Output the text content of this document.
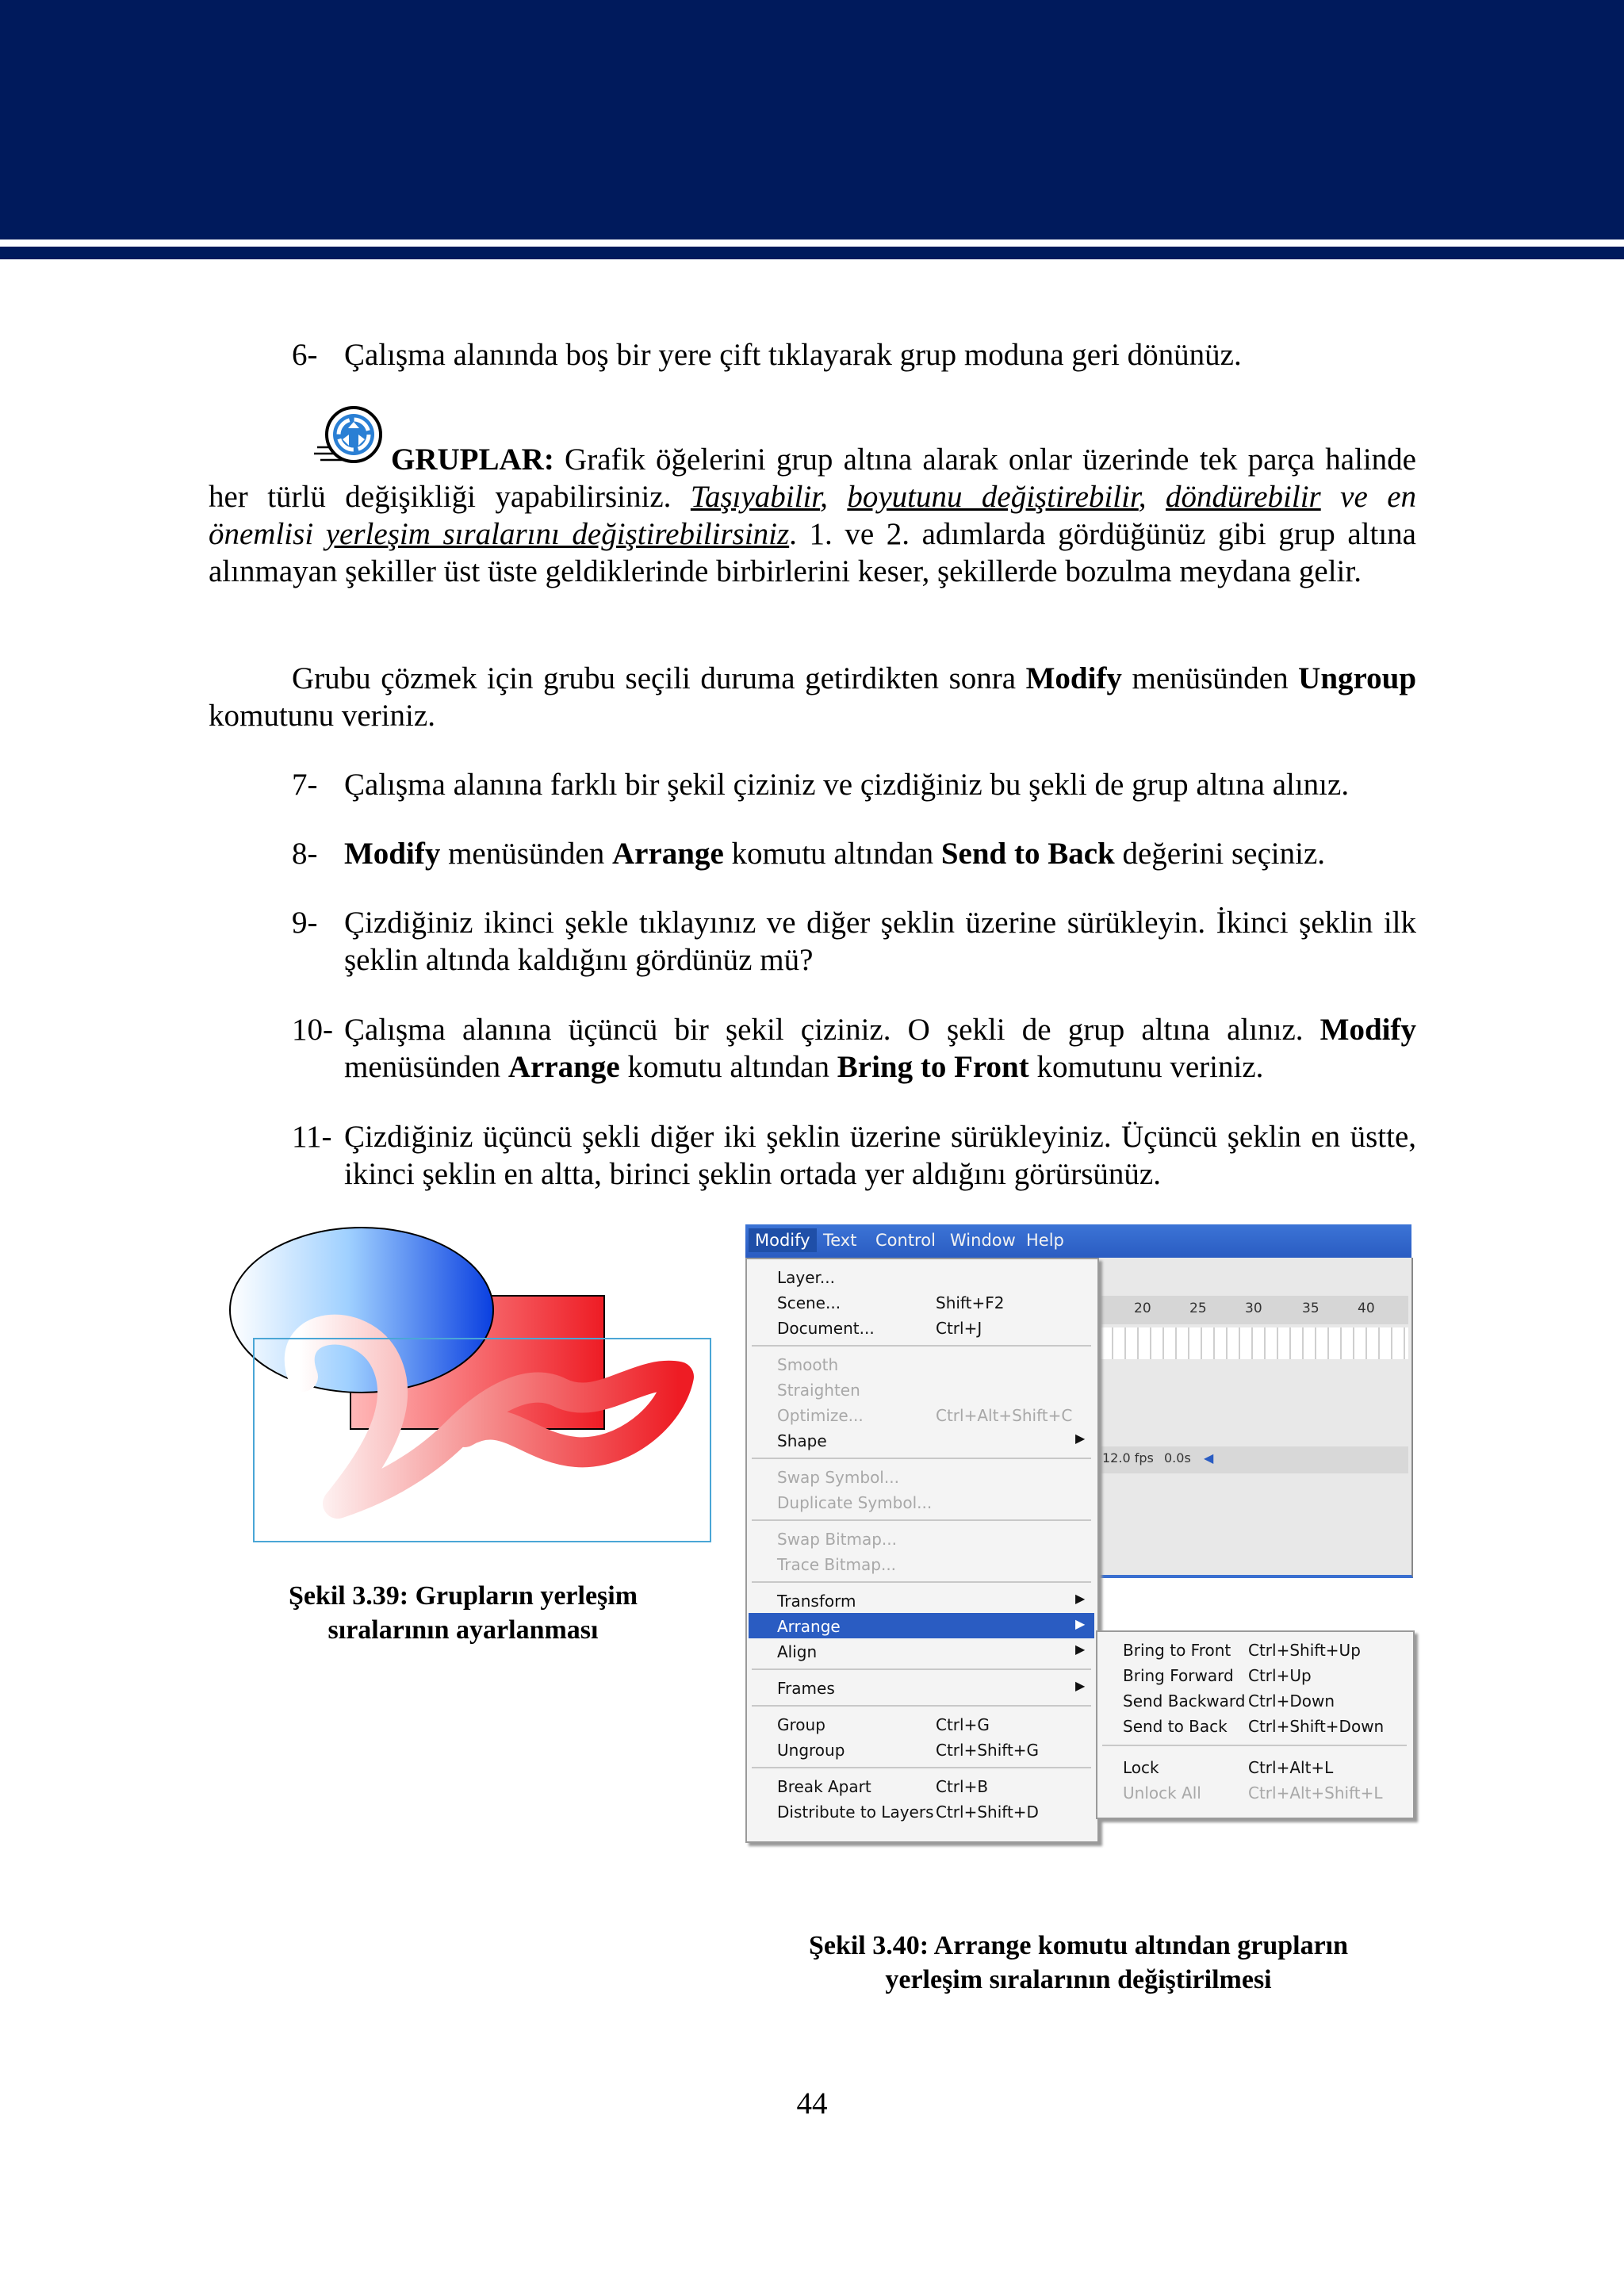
6- Çalışma alanında boş bir yere çift tıklayarak grup moduna geri dönünüz.
GRUPLAR: Grafik öğelerini grup altına alarak onlar üzerinde tek parça halinde her türlü değişikliği yapabilirsiniz. Taşıyabilir, boyutunu değiştirebilir, döndürebilir ve en önemlisi yerleşim sıralarını değiştirebilirsiniz. 1. ve 2. adımlarda gördüğünüz gibi grup altına alınmayan şekiller üst üste geldiklerinde birbirlerini keser, şekillerde bozulma meydana gelir.
Grubu çözmek için grubu seçili duruma getirdikten sonra Modify menüsünden Ungroup komutunu veriniz.
7- Çalışma alanına farklı bir şekil çiziniz ve çizdiğiniz bu şekli de grup altına alınız.
8- Modify menüsünden Arrange komutu altından Send to Back değerini seçiniz.
9- Çizdiğiniz ikinci şekle tıklayınız ve diğer şeklin üzerine sürükleyin. İkinci şeklin ilk şeklin altında kaldığını gördünüz mü?
10- Çalışma alanına üçüncü bir şekil çiziniz. O şekli de grup altına alınız. Modify menüsünden Arrange komutu altından Bring to Front komutunu veriniz.
11- Çizdiğiniz üçüncü şekli diğer iki şeklin üzerine sürükleyiniz. Üçüncü şeklin en üstte, ikinci şeklin en altta, birinci şeklin ortada yer aldığını görürsünüz.
Şekil 3.39: Grupların yerleşim
sıralarının ayarlanması
20	25	30	35	40
12.0 fps 0.0s ◀
Modify Text Control Window Help
Layer...
Scene...	Shift+F2
Document...	Ctrl+J
Smooth
Straighten
Optimize...	Ctrl+Alt+Shift+C
Shape	▶
Swap Symbol...
Duplicate Symbol...
Swap Bitmap...
Trace Bitmap...
Transform	▶
Arrange	▶
Align	▶
Frames	▶
Group	Ctrl+G
Ungroup	Ctrl+Shift+G
Break Apart	Ctrl+B
Distribute to Layers Ctrl+Shift+D
Bring to Front Ctrl+Shift+Up
Bring Forward Ctrl+Up
Send Backward Ctrl+Down
Send to Back Ctrl+Shift+Down
Lock	Ctrl+Alt+L
Unlock All	Ctrl+Alt+Shift+L
Şekil 3.40: Arrange komutu altından grupların
yerleşim sıralarının değiştirilmesi
44
